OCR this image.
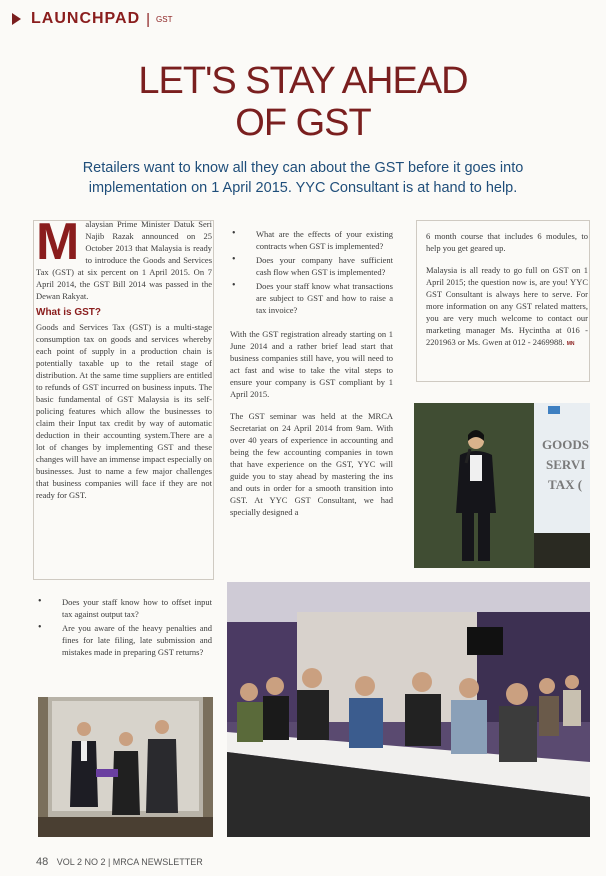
LAUNCHPAD | GST
LET'S STAY AHEAD
OF GST
Retailers want to know all they can about the GST before it goes into
implementation on 1 April 2015. YYC Consultant is at hand to help.

Malaysian Prime Minister Datuk Seri Najib Razak announced on 25 October 2013 that Malaysia is ready to introduce the Goods and Services Tax (GST) at six percent on 1 April 2015. On 7 April 2014, the GST Bill 2014 was passed in the Dewan Rakyat.

What is GST?

Goods and Services Tax (GST) is a multi-stage consumption tax on goods and services whereby each point of supply in a production chain is potentially taxable up to the retail stage of distribution. At the same time suppliers are entitled to refunds of GST incurred on business inputs. The basic fundamental of GST Malaysia is its self-policing features which allow the businesses to claim their Input tax credit by way of automatic deduction in their accounting system.There are a lot of changes by implementing GST and these changes will have an immense impact especially on businesses. Just to name a few major challenges that business companies will face if they are not ready for GST.

• Does your staff know how to offset input tax against output tax?
• Are you aware of the heavy penalties and fines for late filing, late submission and mistakes made in preparing GST returns?
• What are the effects of your existing contracts when GST is implemented?
• Does your company have sufficient cash flow when GST is implemented?
• Does your staff know what transactions are subject to GST and how to raise a tax invoice?

With the GST registration already starting on 1 June 2014 and a rather brief lead start that business companies still have, you will need to act fast and wise to take the vital steps to ensure your company is GST compliant by 1 April 2015.

The GST seminar was held at the MRCA Secretariat on 24 April 2014 from 9am. With over 40 years of experience in accounting and being the few accounting companies in town that have experience on the GST, YYC will guide you to stay ahead by mastering the ins and outs in order for a smooth transition into GST. At YYC GST Consultant, we had specially designed a

6 month course that includes 6 modules, to help you get geared up.

Malaysia is all ready to go full on GST on 1 April 2015; the question now is, are you! YYC GST Consultant is always here to serve. For more information on any GST related matters, you are very much welcome to contact our marketing manager Ms. Hycintha at 016 - 2201963 or Ms. Gwen at 012 - 2469988. MN

GOODS
SERVI
TAX (
48 VOL 2 NO 2 | MRCA NEWSLETTER
